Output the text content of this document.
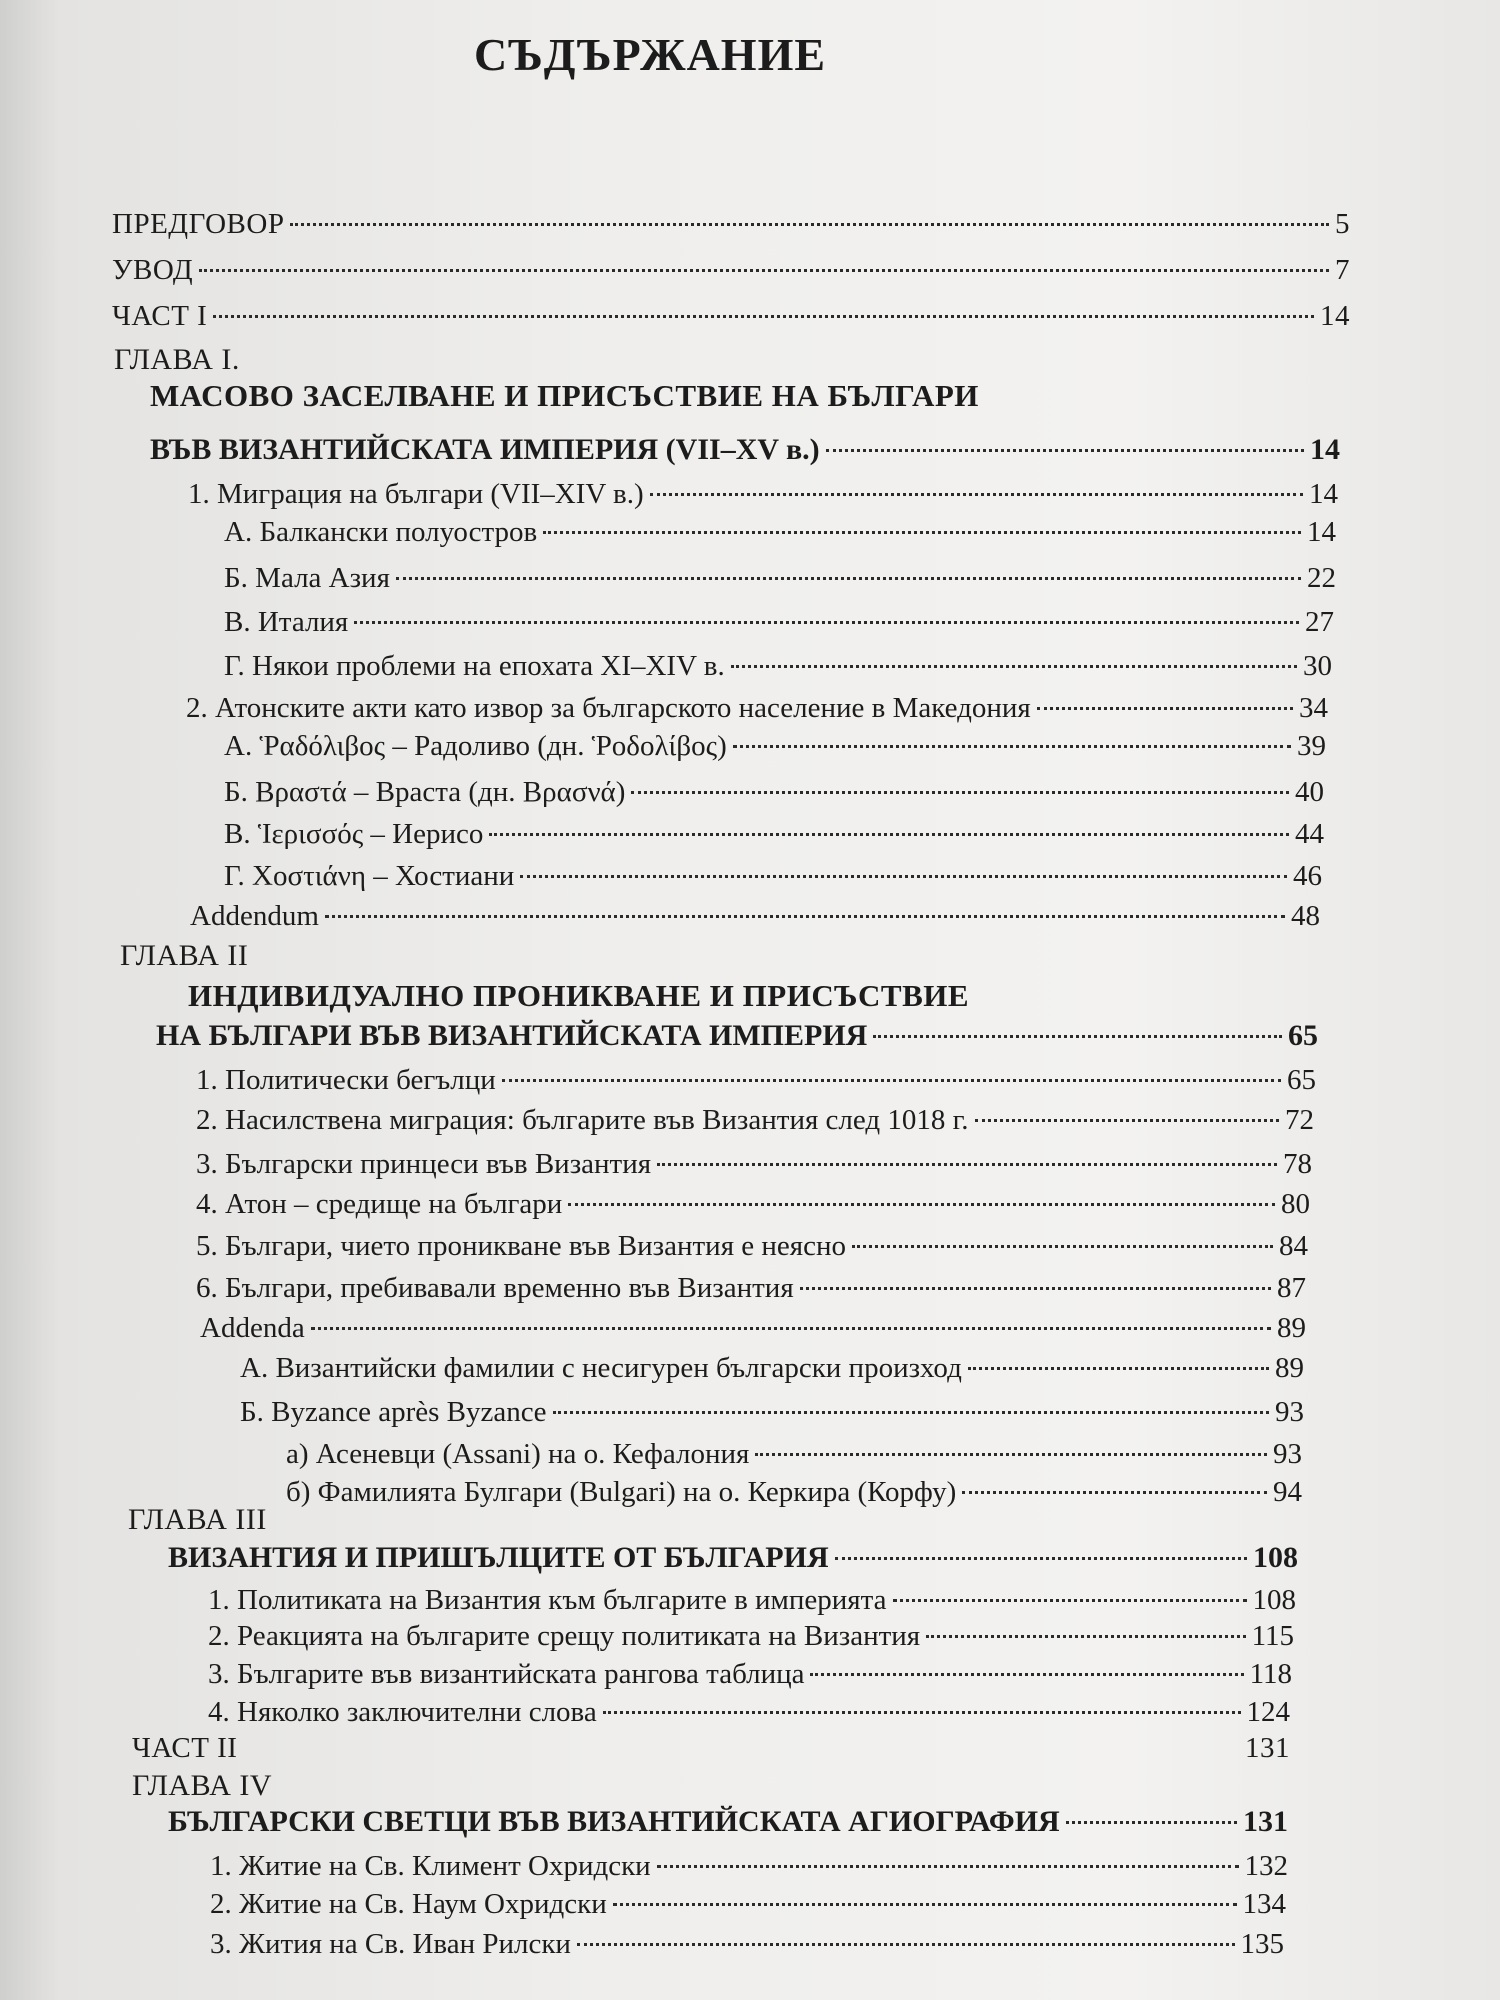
СЪДЪРЖАНИЕ
ПРЕДГОВОР	5
УВОД	7
ЧАСТ I	14
ГЛАВА I.
МАСОВО ЗАСЕЛВАНЕ И ПРИСЪСТВИЕ НА БЪЛГАРИ
ВЪВ ВИЗАНТИЙСКАТА ИМПЕРИЯ (VII–XV в.)	14
1. Миграция на българи (VII–XIV в.)	14
А. Балкански полуостров	14
Б. Мала Азия	22
В. Италия	27
Г. Някои проблеми на епохата XI–XIV в.	30
2. Атонските акти като извор за българското население в Македония	34
А. Ῥαδόλιβος – Радоливо (дн. Ῥοδολίβος)	39
Б. Βραστά – Враста (дн. Βρασνά)	40
В. Ἱερισσός – Иерисо	44
Г. Χοστιάνη – Хостиани	46
Addendum	48
ГЛАВА II
ИНДИВИДУАЛНО ПРОНИКВАНЕ И ПРИСЪСТВИЕ
НА БЪЛГАРИ ВЪВ ВИЗАНТИЙСКАТА ИМПЕРИЯ	65
1. Политически бегълци	65
2. Насилствена миграция: българите във Византия след 1018 г.	72
3. Български принцеси във Византия	78
4. Атон – средище на българи	80
5. Българи, чието проникване във Византия е неясно	84
6. Българи, пребивавали временно във Византия	87
Addenda	89
А. Византийски фамилии с несигурен български произход	89
Б. Byzance après Byzance	93
а) Асеневци (Assani) на о. Кефалония	93
б) Фамилията Булгари (Bulgari) на о. Керкира (Корфу)	94
ГЛАВА III
ВИЗАНТИЯ И ПРИШЪЛЦИТЕ ОТ БЪЛГАРИЯ	108
1. Политиката на Византия към българите в империята	108
2. Реакцията на българите срещу политиката на Византия	115
3. Българите във византийската рангова таблица	118
4. Няколко заключителни слова	124
ЧАСТ II	131
ГЛАВА IV
БЪЛГАРСКИ СВЕТЦИ ВЪВ ВИЗАНТИЙСКАТА АГИОГРАФИЯ	131
1. Житие на Св. Климент Охридски	132
2. Житие на Св. Наум Охридски	134
3. Жития на Св. Иван Рилски	135
